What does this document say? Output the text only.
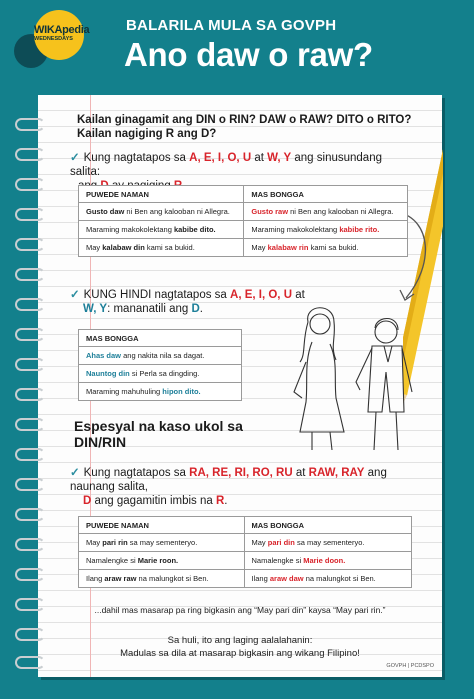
WIKApedia
WEDNESDAYS
BALARILA MULA SA GOVPH
Ano daw o raw?
Kailan ginagamit ang DIN o RIN? DAW o RAW? DITO o RITO?
Kailan nagiging R ang D?
✓ Kung nagtatapos sa A, E, I, O, U at W, Y ang sinusundang salita:

PUWEDE NAMAN	MAS BONGGA
Gusto daw ni Ben ang kalooban ni Allegra.	Gusto raw ni Ben ang kalooban ni Allegra.
Maraming makokolektang kabibe dito.	Maraming makokolektang kabibe rito.
May kalabaw din kami sa bukid.	May kalabaw rin kami sa bukid.
✓ KUNG HINDI nagtatapos sa A, E, I, O, U at
W, Y: mananatili ang D.
MAS BONGGA
Ahas daw ang nakita nila sa dagat.
Nauntog din si Perla sa dingding.
Maraming mahuhuling hipon dito.
Espesyal na kaso ukol sa
DIN/RIN
✓ Kung nagtatapos sa RA, RE, RI, RO, RU at RAW, RAY ang naunang salita,
D ang gagamitin imbis na R.
PUWEDE NAMAN	MAS BONGGA
May pari rin sa may sementeryo.	May pari din sa may sementeryo.
Namalengke si Marie roon.	Namalengke si Marie doon.
Ilang araw raw na malungkot si Ben.	Ilang araw daw na malungkot si Ben.
...dahil mas masarap pa ring bigkasin ang “May pari din” kaysa “May pari rin.”
Sa huli, ito ang laging aalalahanin:
Madulas sa dila at masarap bigkasin ang wikang Filipino!
GOVPH | PCDSPO
